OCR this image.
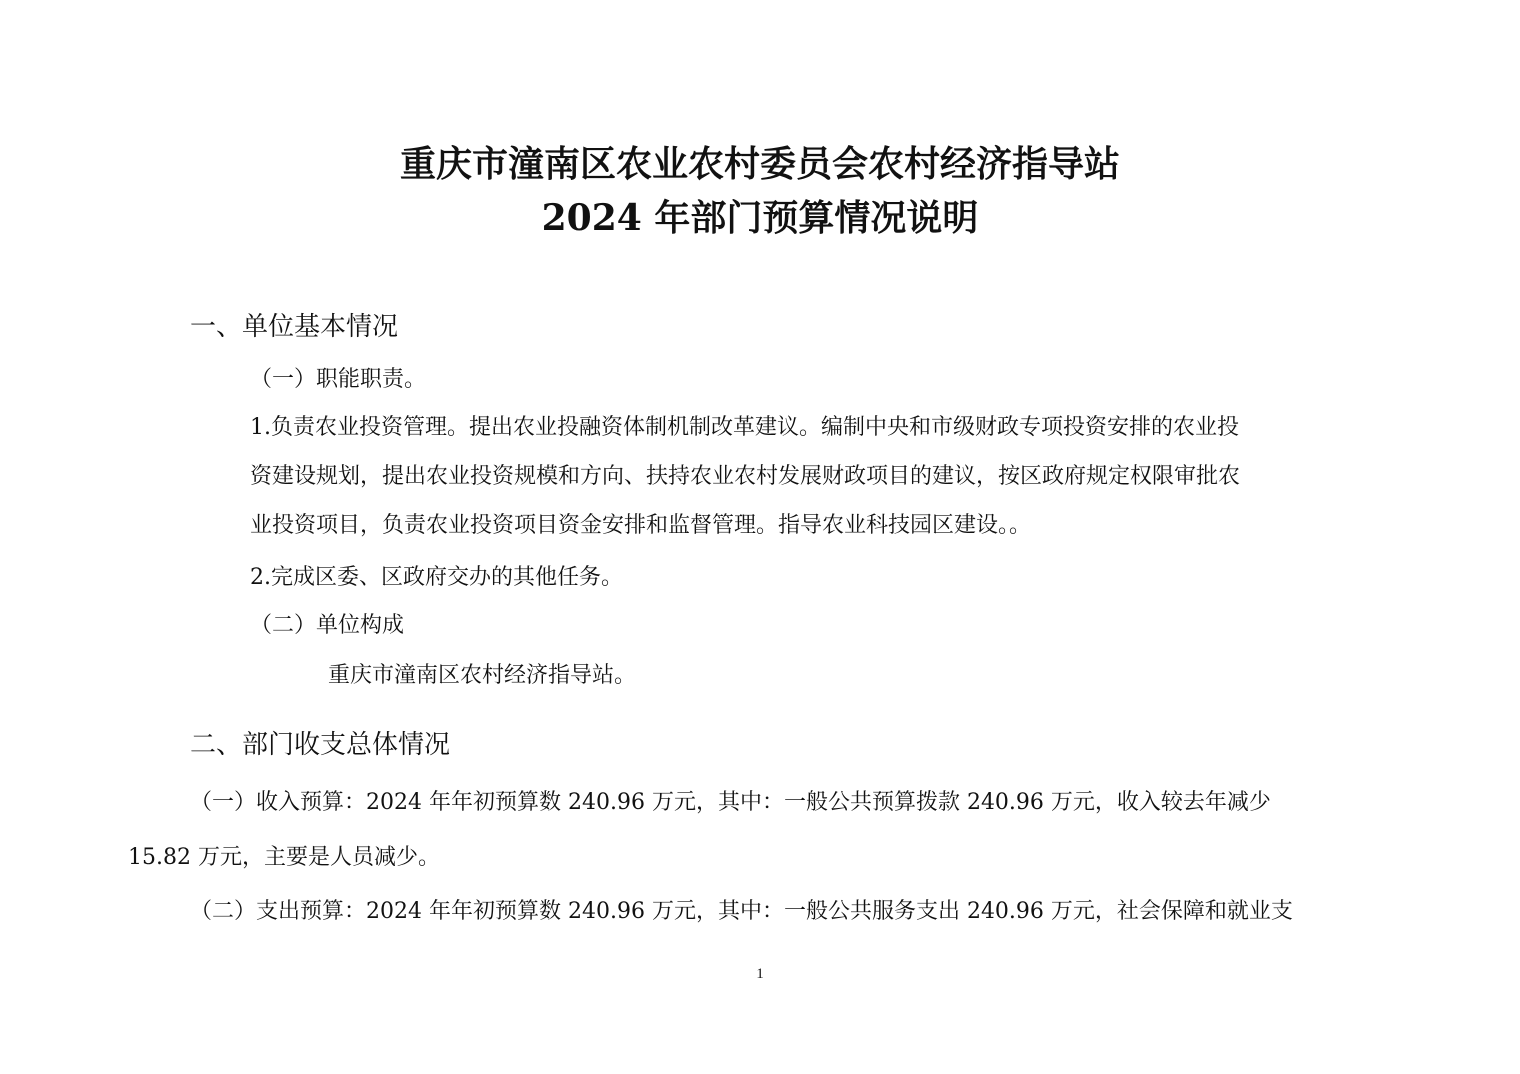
重庆市潼南区农业农村委员会农村经济指导站
2024 年部门预算情况说明
一、单位基本情况
（一）职能职责。
1.负责农业投资管理。提出农业投融资体制机制改革建议。编制中央和市级财政专项投资安排的农业投
资建设规划，提出农业投资规模和方向、扶持农业农村发展财政项目的建议，按区政府规定权限审批农
业投资项目，负责农业投资项目资金安排和监督管理。指导农业科技园区建设。。
2.完成区委、区政府交办的其他任务。
（二）单位构成
重庆市潼南区农村经济指导站。
二、部门收支总体情况
（一）收入预算：2024 年年初预算数 240.96 万元，其中：一般公共预算拨款 240.96 万元，收入较去年减少
15.82 万元，主要是人员减少。
（二）支出预算：2024 年年初预算数 240.96 万元，其中：一般公共服务支出 240.96 万元，社会保障和就业支
1
